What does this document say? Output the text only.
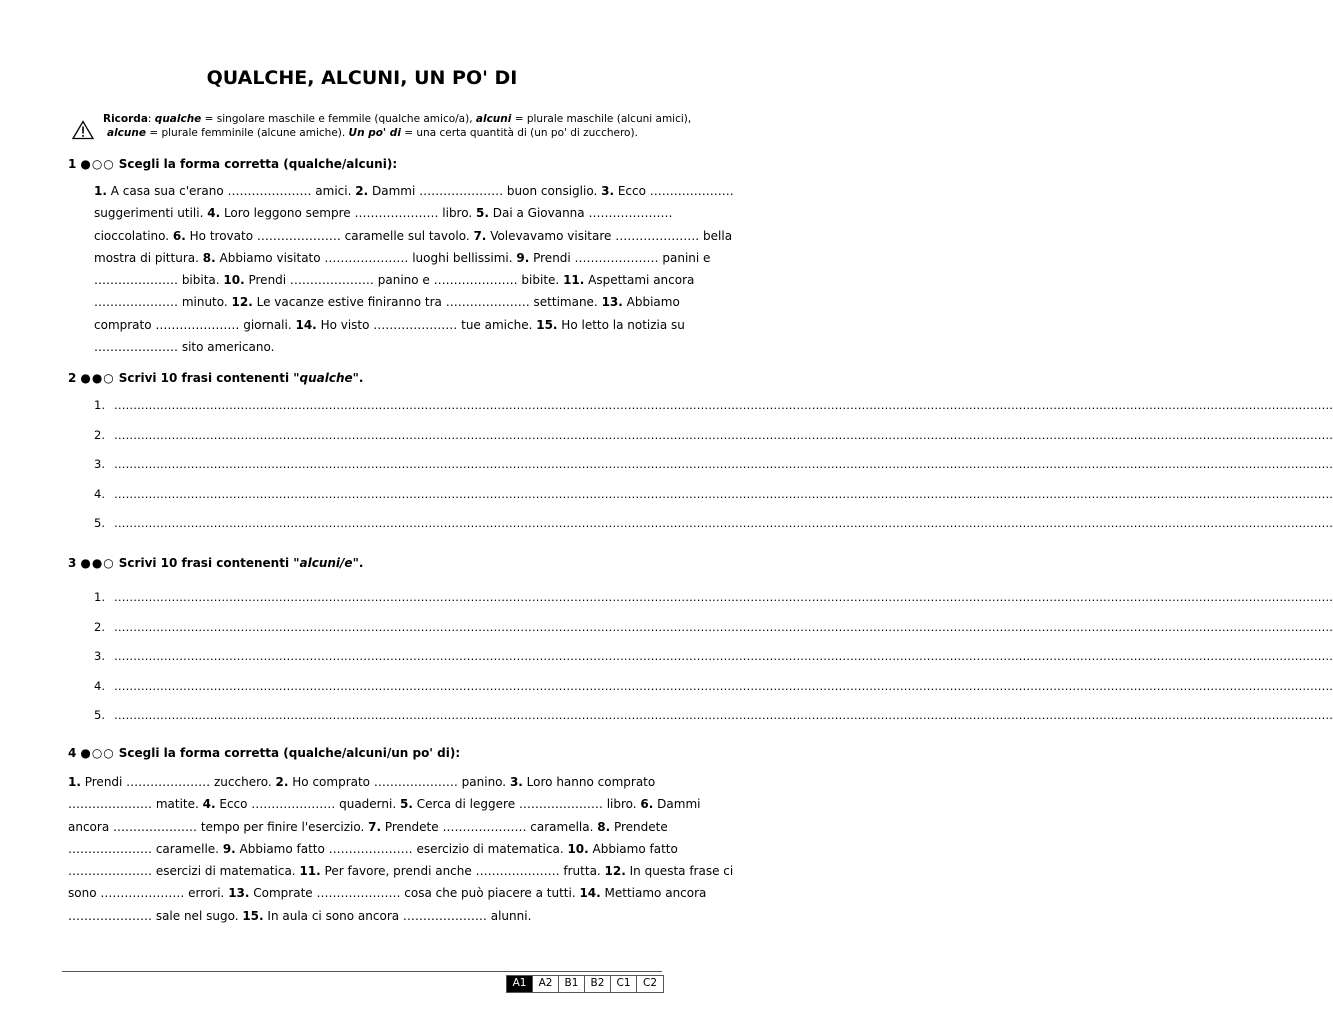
QUALCHE, ALCUNI, UN PO' DI
Ricorda: qualche = singolare maschile e femmile (qualche amico/a), alcuni = plurale maschile (alcuni amici),
alcune = plurale femminile (alcune amiche). Un po' di = una certa quantità di (un po' di zucchero).
1 ●○○ Scegli la forma corretta (qualche/alcuni):
1. A casa sua c'erano ………………… amici. 2. Dammi ………………… buon consiglio. 3. Ecco …………………
suggerimenti utili. 4. Loro leggono sempre ………………… libro. 5. Dai a Giovanna …………………
cioccolatino. 6. Ho trovato ………………… caramelle sul tavolo. 7. Volevavamo visitare ………………… bella
mostra di pittura. 8. Abbiamo visitato ………………… luoghi bellissimi. 9. Prendi ………………… panini e
………………… bibita. 10. Prendi ………………… panino e ………………… bibite. 11. Aspettami ancora
………………… minuto. 12. Le vacanze estive finiranno tra ………………… settimane. 13. Abbiamo
comprato ………………… giornali. 14. Ho visto ………………… tue amiche. 15. Ho letto la notizia su
………………… sito americano.
2 ●●○ Scrivi 10 frasi contenenti "qualche".
1. …………………………………………………………………………………………………………………………………………………………………………………………………………………………………………………………………………………………
2. …………………………………………………………………………………………………………………………………………………………………………………………………………………………………………………………………………………………
3. …………………………………………………………………………………………………………………………………………………………………………………………………………………………………………………………………………………………
4. …………………………………………………………………………………………………………………………………………………………………………………………………………………………………………………………………………………………
5. …………………………………………………………………………………………………………………………………………………………………………………………………………………………………………………………………………………………
3 ●●○ Scrivi 10 frasi contenenti "alcuni/e".
1. …………………………………………………………………………………………………………………………………………………………………………………………………………………………………………………………………………………………
2. …………………………………………………………………………………………………………………………………………………………………………………………………………………………………………………………………………………………
3. …………………………………………………………………………………………………………………………………………………………………………………………………………………………………………………………………………………………
4. …………………………………………………………………………………………………………………………………………………………………………………………………………………………………………………………………………………………
5. …………………………………………………………………………………………………………………………………………………………………………………………………………………………………………………………………………………………
4 ●○○ Scegli la forma corretta (qualche/alcuni/un po' di):
1. Prendi ………………… zucchero. 2. Ho comprato ………………… panino. 3. Loro hanno comprato
………………… matite. 4. Ecco ………………… quaderni. 5. Cerca di leggere ………………… libro. 6. Dammi
ancora ………………… tempo per finire l'esercizio. 7. Prendete ………………… caramella. 8. Prendete
………………… caramelle. 9. Abbiamo fatto ………………… esercizio di matematica. 10. Abbiamo fatto
………………… esercizi di matematica. 11. Per favore, prendi anche ………………… frutta. 12. In questa frase ci
sono ………………… errori. 13. Comprate ………………… cosa che può piacere a tutti. 14. Mettiamo ancora
………………… sale nel sugo. 15. In aula ci sono ancora ………………… alunni.
A1	A2	B1	B2	C1	C2
